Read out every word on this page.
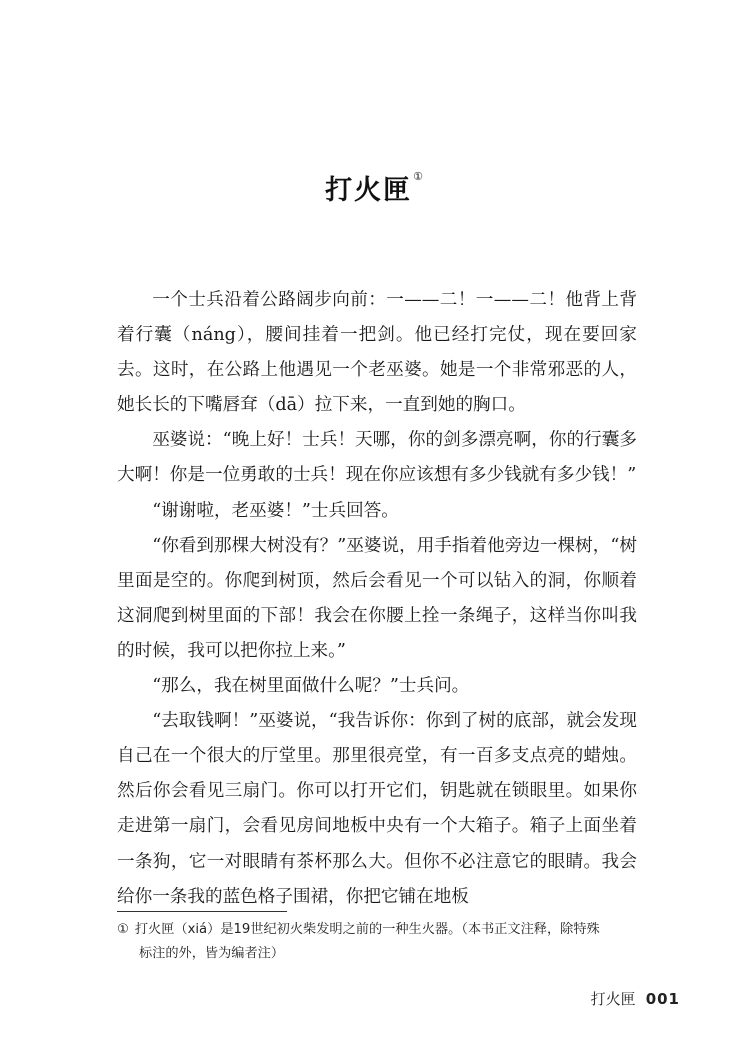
打火匣①

一个士兵沿着公路阔步向前：一——二！一——二！他背上背着行囊（náng），腰间挂着一把剑。他已经打完仗，现在要回家去。这时，在公路上他遇见一个老巫婆。她是一个非常邪恶的人，她长长的下嘴唇耷（dā）拉下来，一直到她的胸口。

巫婆说：“晚上好！士兵！天哪，你的剑多漂亮啊，你的行囊多大啊！你是一位勇敢的士兵！现在你应该想有多少钱就有多少钱！”

“谢谢啦，老巫婆！”士兵回答。

“你看到那棵大树没有？”巫婆说，用手指着他旁边一棵树，“树里面是空的。你爬到树顶，然后会看见一个可以钻入的洞，你顺着这洞爬到树里面的下部！我会在你腰上拴一条绳子，这样当你叫我的时候，我可以把你拉上来。”

“那么，我在树里面做什么呢？”士兵问。

“去取钱啊！”巫婆说，“我告诉你：你到了树的底部，就会发现自己在一个很大的厅堂里。那里很亮堂，有一百多支点亮的蜡烛。然后你会看见三扇门。你可以打开它们，钥匙就在锁眼里。如果你走进第一扇门，会看见房间地板中央有一个大箱子。箱子上面坐着一条狗，它一对眼睛有茶杯那么大。但你不必注意它的眼睛。我会给你一条我的蓝色格子围裙，你把它铺在地板

① 打火匣（xiá）是19世纪初火柴发明之前的一种生火器。（本书正文注释，除特殊
标注的外，皆为编者注）
打火匣 001
